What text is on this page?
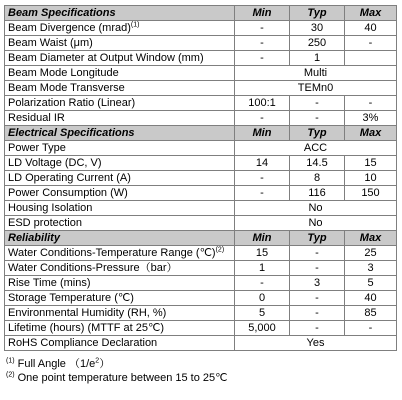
Beam Specifications	Min	Typ	Max
Beam Divergence (mrad)$^{(1)}$	-	30	40
Beam Waist (μm)	-	250	-
Beam Diameter at Output Window (mm)	-	1	
Beam Mode Longitude	Multi		
Beam Mode Transverse	TEMn0		
Polarization Ratio (Linear)	100:1	-	-
Residual IR	-	-	3%
Electrical Specifications	Min	Typ	Max
Power Type	ACC		
LD Voltage (DC, V)	14	14.5	15
LD Operating Current (A)	-	8	10
Power Consumption (W)	-	116	150
Housing Isolation	No		
ESD protection	No		
Reliability	Min	Typ	Max
Water Conditions-Temperature Range (℃)$^{(2)}$	15	-	25
Water Conditions-Pressure（bar）	1	-	3
Rise Time (mins)	-	3	5
Storage Temperature (℃)	0	-	40
Environmental Humidity (RH, %)	5	-	85
Lifetime (hours) (MTTF at 25℃)	5,000	-	-
RoHS Compliance Declaration	Yes		
$^{(1)}$ Full Angle $(1/e^2)$
$^{(2)}$ One point temperature between 15 to 25℃
